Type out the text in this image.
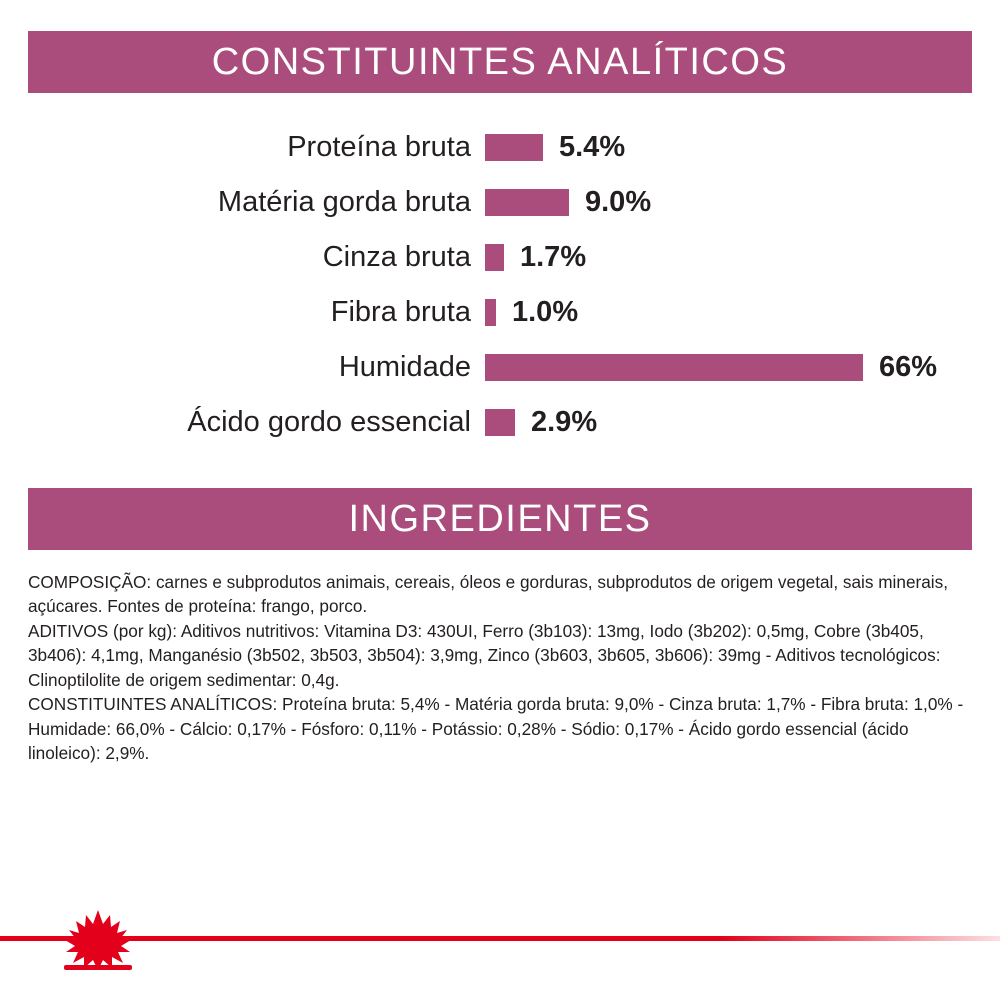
CONSTITUINTES ANALÍTICOS
Proteína bruta	5.4%
Matéria gorda bruta	9.0%
Cinza bruta	1.7%
Fibra bruta	1.0%
Humidade	66%
Ácido gordo essencial	2.9%
INGREDIENTES

COMPOSIÇÃO: carnes e subprodutos animais, cereais, óleos e gorduras, subprodutos de origem vegetal, sais minerais, açúcares. Fontes de proteína: frango, porco.

ADITIVOS (por kg): Aditivos nutritivos: Vitamina D3: 430UI, Ferro (3b103): 13mg, Iodo (3b202): 0,5mg, Cobre (3b405, 3b406): 4,1mg, Manganésio (3b502, 3b503, 3b504): 3,9mg, Zinco (3b603, 3b605, 3b606): 39mg - Aditivos tecnológicos: Clinoptilolite de origem sedimentar: 0,4g.

CONSTITUINTES ANALÍTICOS: Proteína bruta: 5,4% - Matéria gorda bruta: 9,0% - Cinza bruta: 1,7% - Fibra bruta: 1,0% - Humidade: 66,0% - Cálcio: 0,17% - Fósforo: 0,11% - Potássio: 0,28% - Sódio: 0,17% - Ácido gordo essencial (ácido linoleico): 2,9%.
